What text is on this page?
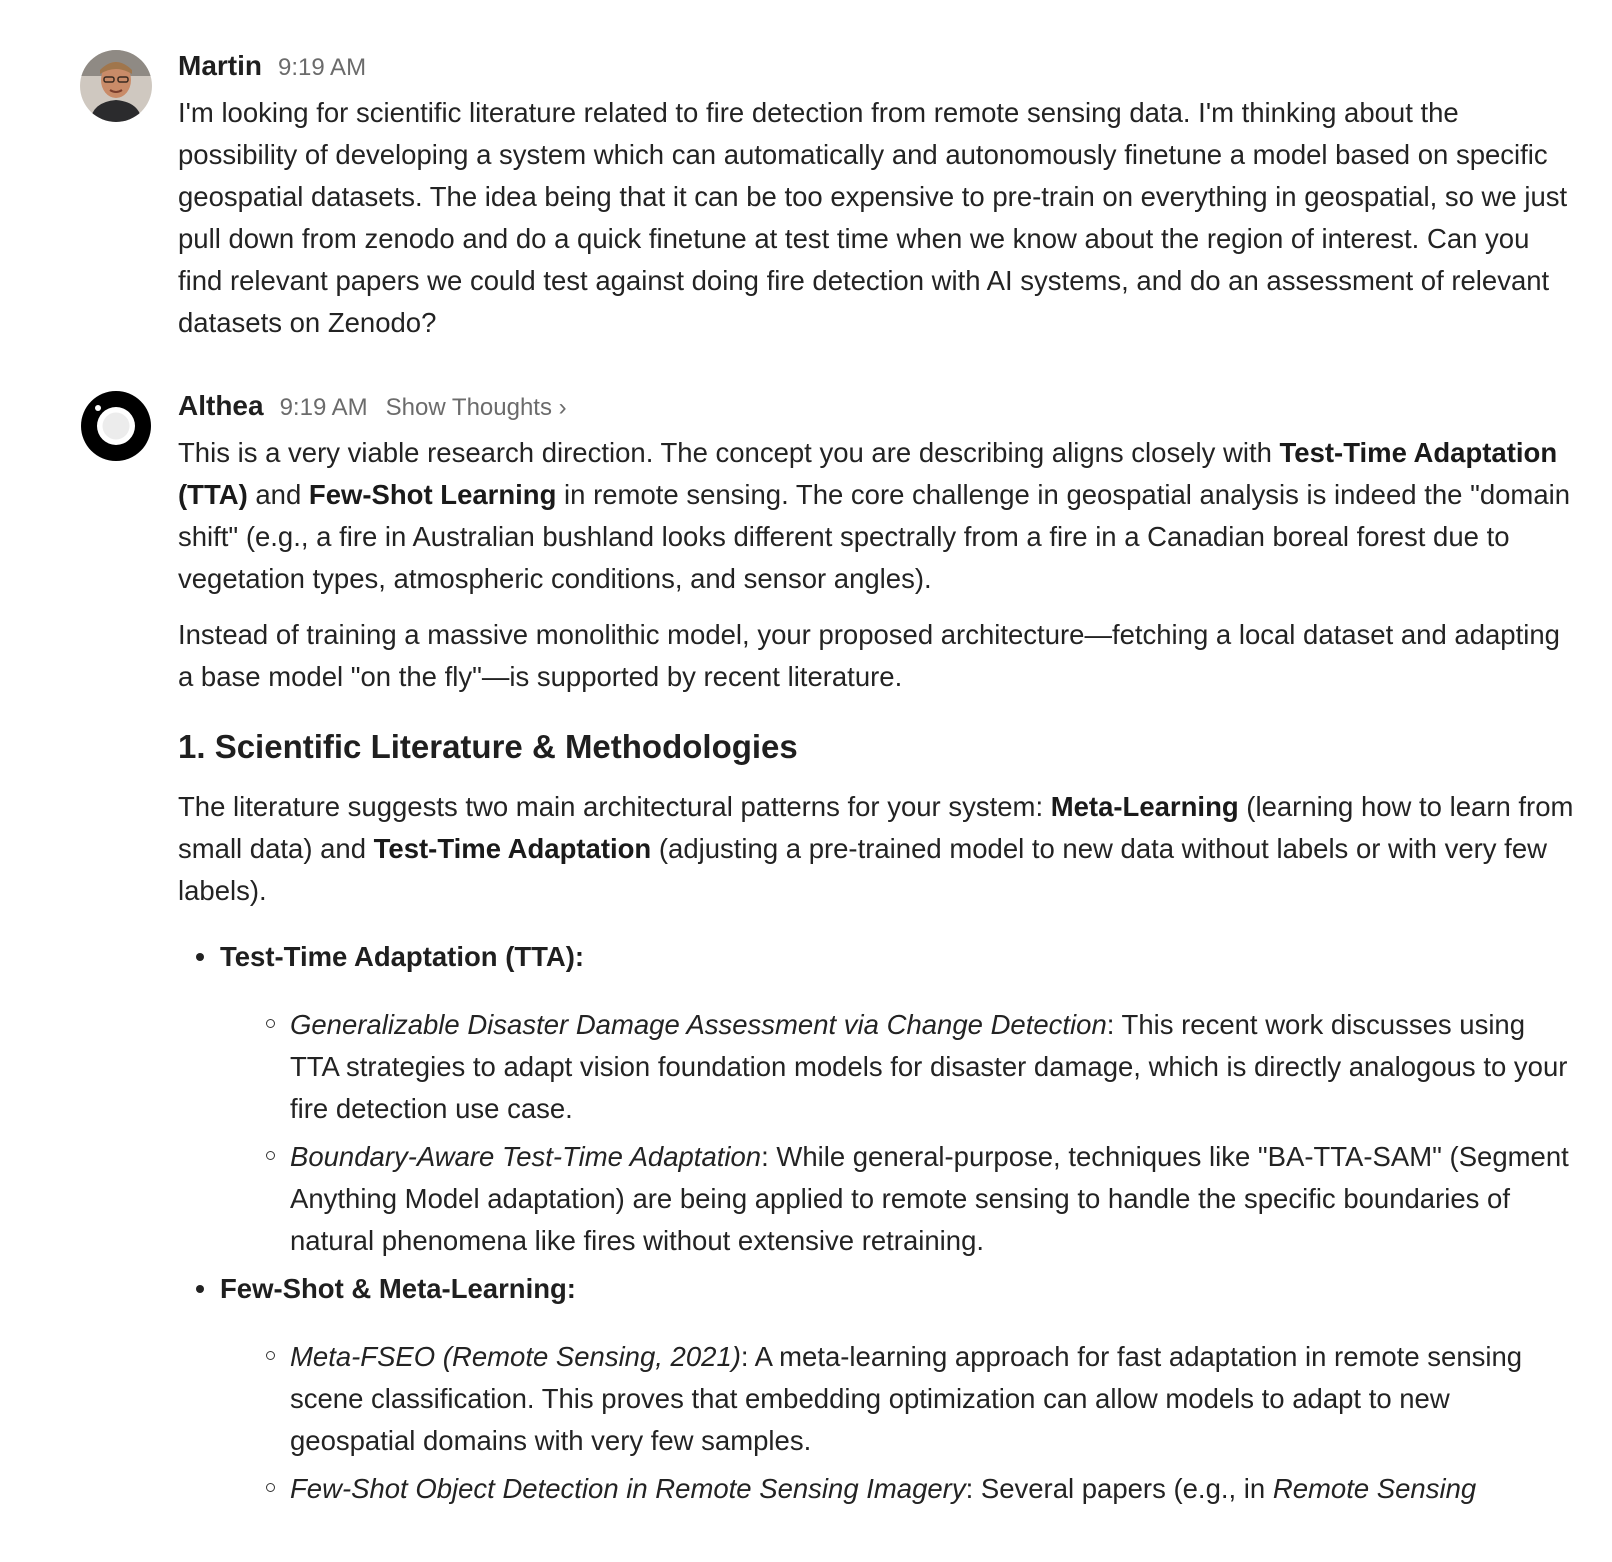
Martin 9:19 AM

I'm looking for scientific literature related to fire detection from remote sensing data. I'm thinking about the possibility of developing a system which can automatically and autonomously finetune a model based on specific geospatial datasets. The idea being that it can be too expensive to pre-train on everything in geospatial, so we just pull down from zenodo and do a quick finetune at test time when we know about the region of interest. Can you find relevant papers we could test against doing fire detection with AI systems, and do an assessment of relevant datasets on Zenodo?

Althea 9:19 AM Show Thoughts ›

This is a very viable research direction. The concept you are describing aligns closely with Test-Time Adaptation (TTA) and Few-Shot Learning in remote sensing. The core challenge in geospatial analysis is indeed the "domain shift" (e.g., a fire in Australian bushland looks different spectrally from a fire in a Canadian boreal forest due to vegetation types, atmospheric conditions, and sensor angles).

Instead of training a massive monolithic model, your proposed architecture—fetching a local dataset and adapting a base model "on the fly"—is supported by recent literature.

1. Scientific Literature & Methodologies

The literature suggests two main architectural patterns for your system: Meta-Learning (learning how to learn from small data) and Test-Time Adaptation (adjusting a pre-trained model to new data without labels or with very few labels).

Test-Time Adaptation (TTA):
Generalizable Disaster Damage Assessment via Change Detection: This recent work discusses using TTA strategies to adapt vision foundation models for disaster damage, which is directly analogous to your fire detection use case.
Boundary-Aware Test-Time Adaptation: While general-purpose, techniques like "BA-TTA-SAM" (Segment Anything Model adaptation) are being applied to remote sensing to handle the specific boundaries of natural phenomena like fires without extensive retraining.
Few-Shot & Meta-Learning:
Meta-FSEO (Remote Sensing, 2021): A meta-learning approach for fast adaptation in remote sensing scene classification. This proves that embedding optimization can allow models to adapt to new geospatial domains with very few samples.
Few-Shot Object Detection in Remote Sensing Imagery: Several papers (e.g., in Remote Sensing
